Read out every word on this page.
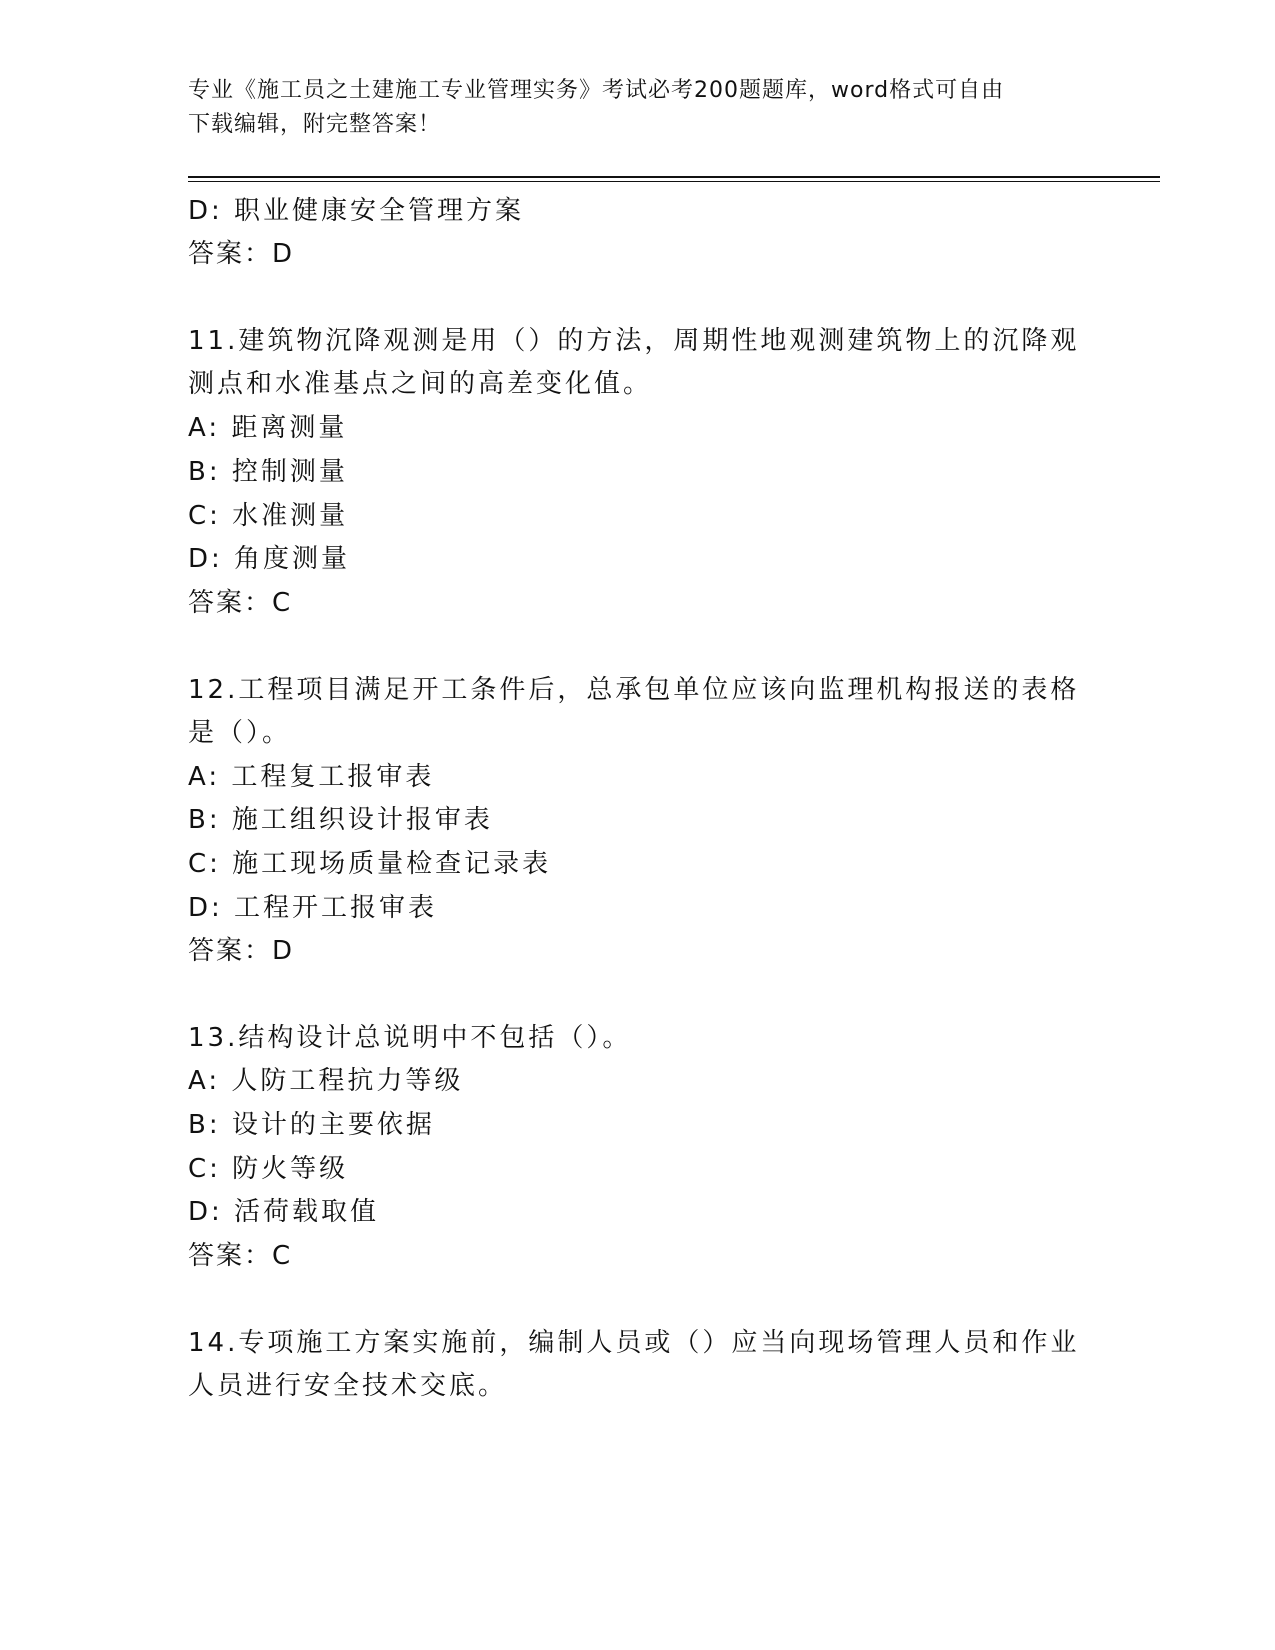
专业《施工员之土建施工专业管理实务》考试必考200题题库，word格式可自由
下载编辑，附完整答案！
D: 职业健康安全管理方案
答案：D
11.建筑物沉降观测是用（）的方法，周期性地观测建筑物上的沉降观
测点和水准基点之间的高差变化值。
A: 距离测量
B: 控制测量
C: 水准测量
D: 角度测量
答案：C
12.工程项目满足开工条件后，总承包单位应该向监理机构报送的表格
是（）。
A: 工程复工报审表
B: 施工组织设计报审表
C: 施工现场质量检查记录表
D: 工程开工报审表
答案：D
13.结构设计总说明中不包括（）。
A: 人防工程抗力等级
B: 设计的主要依据
C: 防火等级
D: 活荷载取值
答案：C
14.专项施工方案实施前，编制人员或（）应当向现场管理人员和作业
人员进行安全技术交底。
